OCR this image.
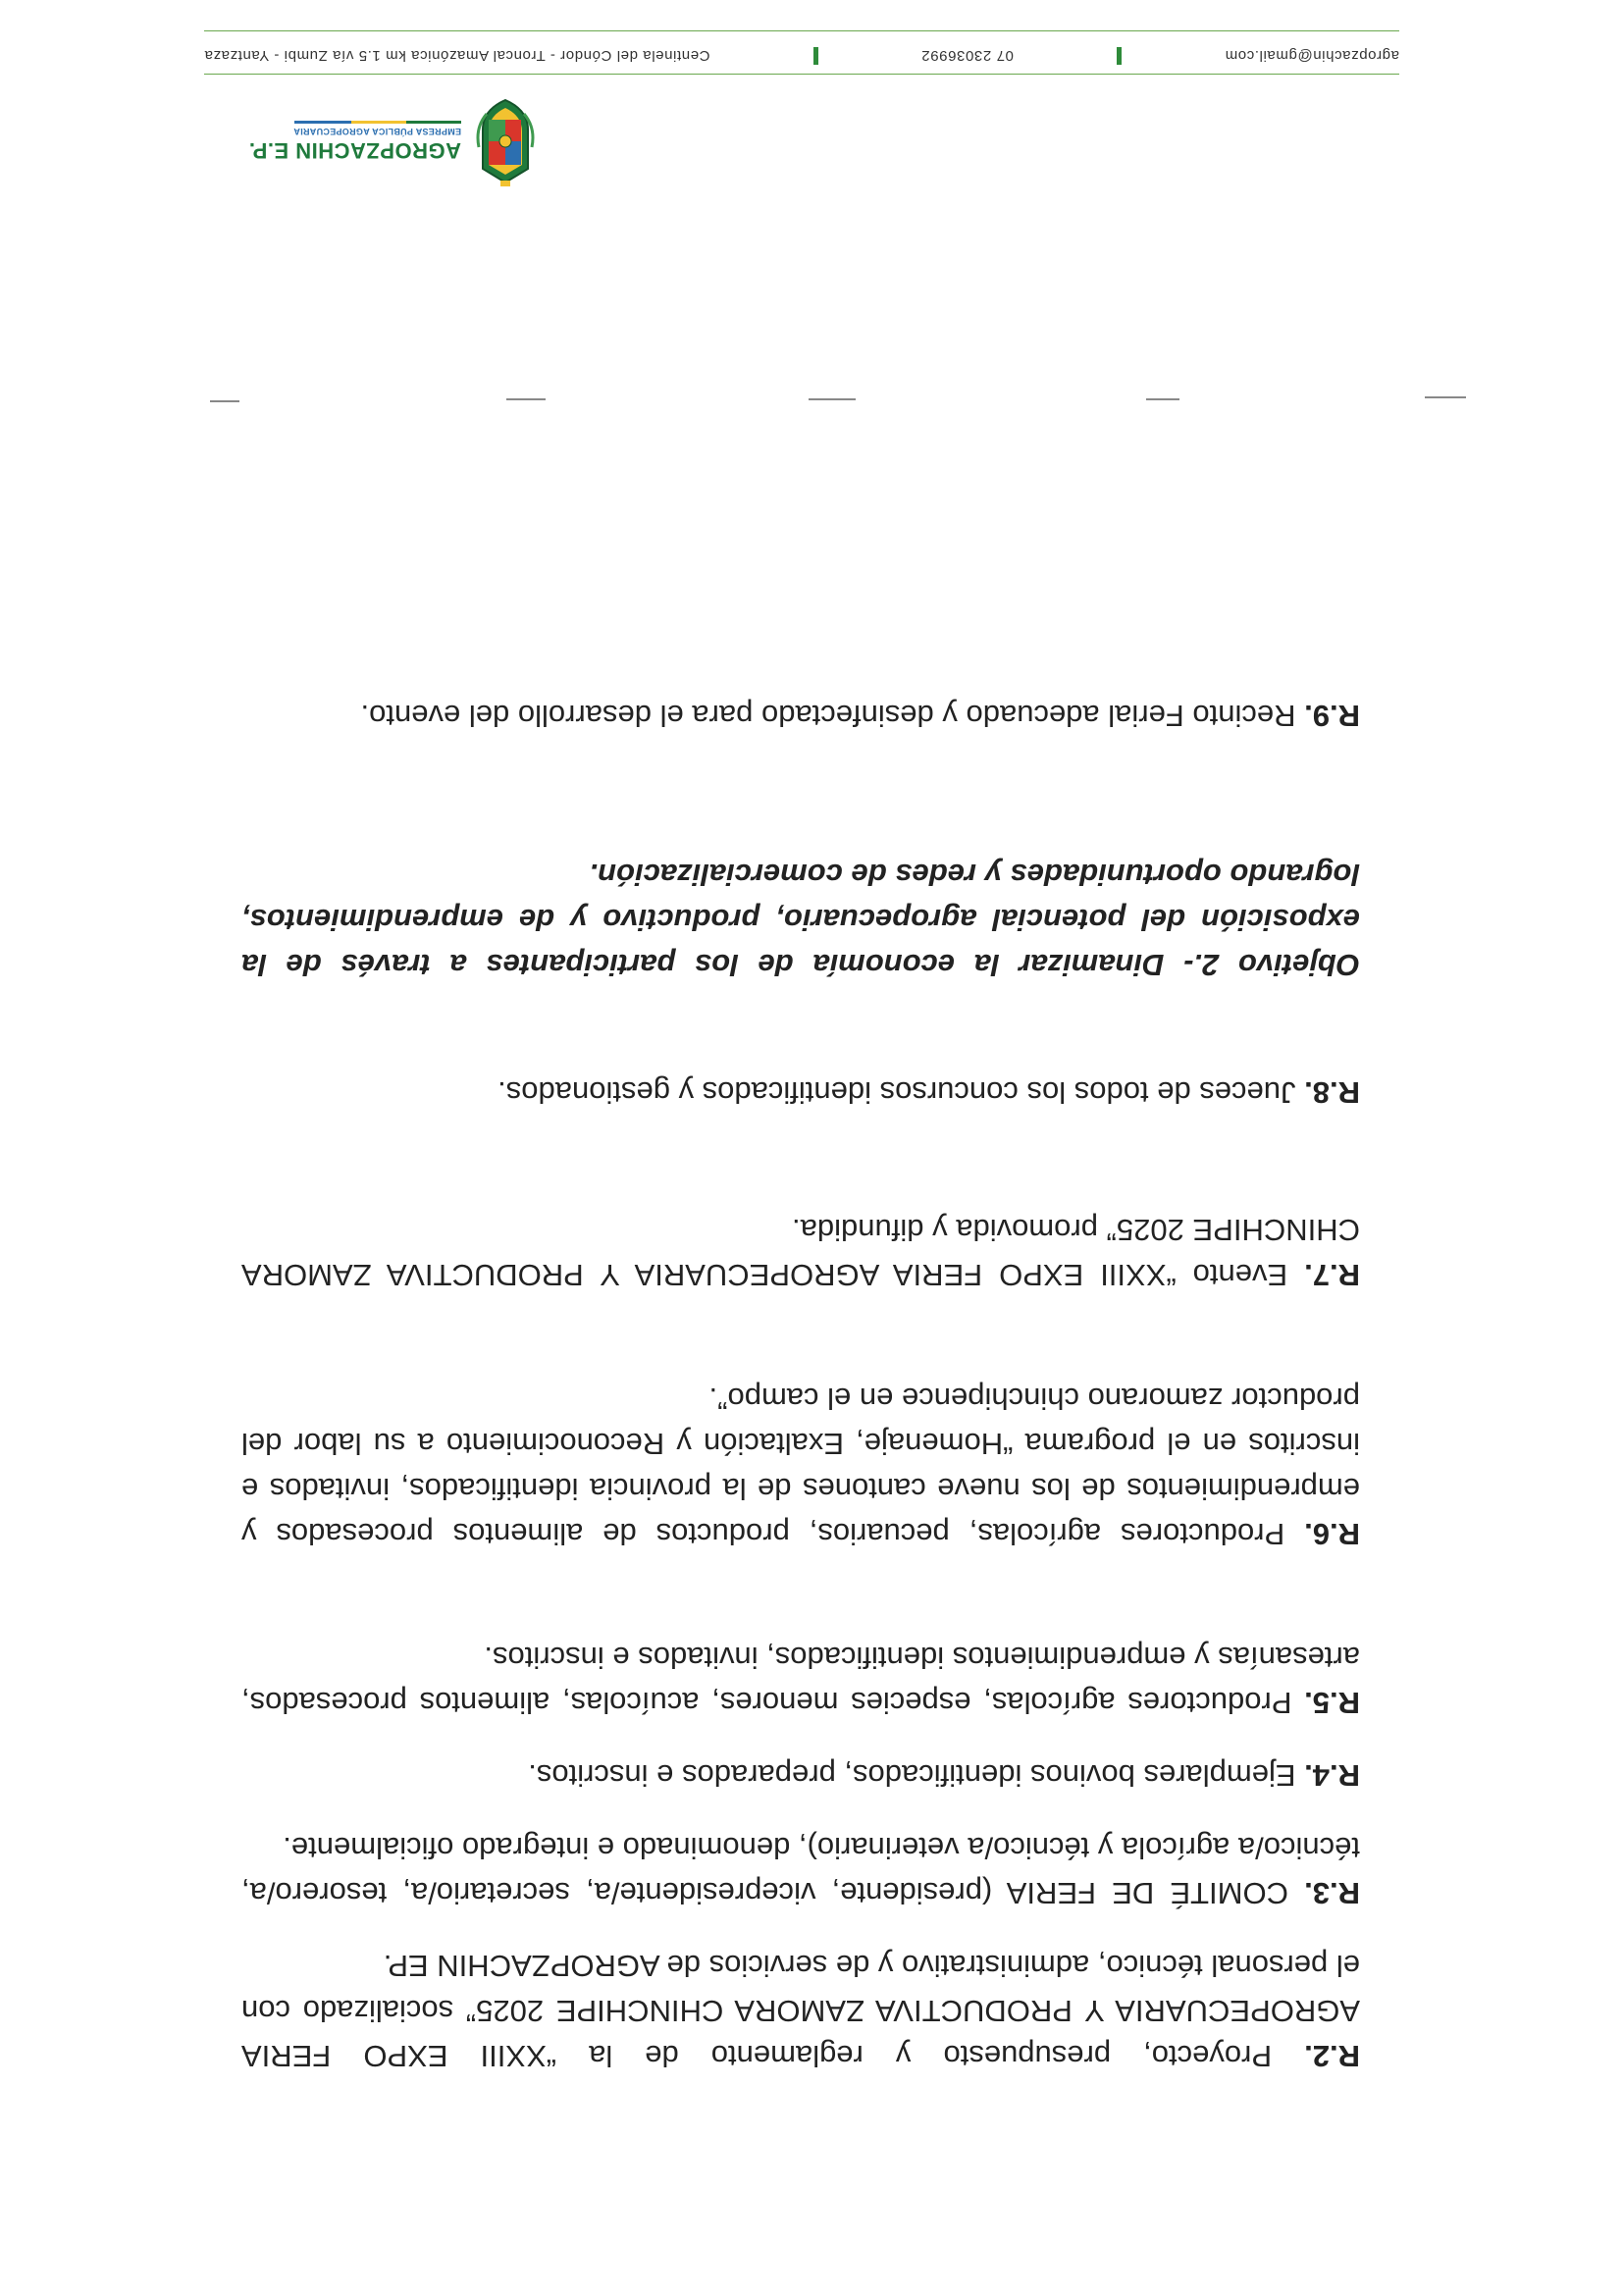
AGROPZACHIN E.P.
EMPRESA PÚBLICA AGROPECUARIA

R.2. Proyecto, presupuesto y reglamento de la “XXIII EXPO FERIA AGROPECUARIA Y PRODUCTIVA ZAMORA CHINCHIPE 2025” socializado con el personal técnico, administrativo y de servicios de AGROPZACHIN EP.

R.3. COMITÉ DE FERIA (presidente, vicepresidente/a, secretario/a, tesorero/a, técnico/a agrícola y técnico/a veterinario), denominado e integrado oficialmente.

R.4. Ejemplares bovinos identificados, preparados e inscritos.

R.5. Productores agrícolas, especies menores, acuícolas, alimentos procesados, artesanías y emprendimientos identificados, invitados e inscritos.

R.6. Productores agrícolas, pecuarios, productos de alimentos procesados y emprendimientos de los nueve cantones de la provincia identificados, invitados e inscritos en el programa “Homenaje, Exaltación y Reconocimiento a su labor del productor zamorano chinchipence en el campo”.

R.7. Evento “XXIII EXPO FERIA AGROPECUARIA Y PRODUCTIVA ZAMORA CHINCHIPE 2025” promovida y difundida.

R.8. Jueces de todos los concursos identificados y gestionados.

Objetivo 2.- Dinamizar la economía de los participantes a través de la exposición del potencial agropecuario, productivo y de emprendimientos, logrando oportunidades y redes de comercialización.

R.9. Recinto Ferial adecuado y desinfectado para el desarrollo del evento.

agropzachin@gmail.com
07 23036992
Centinela del Cóndor - Troncal Amazónica km 1.5 vía Zumbi - Yantzaza
